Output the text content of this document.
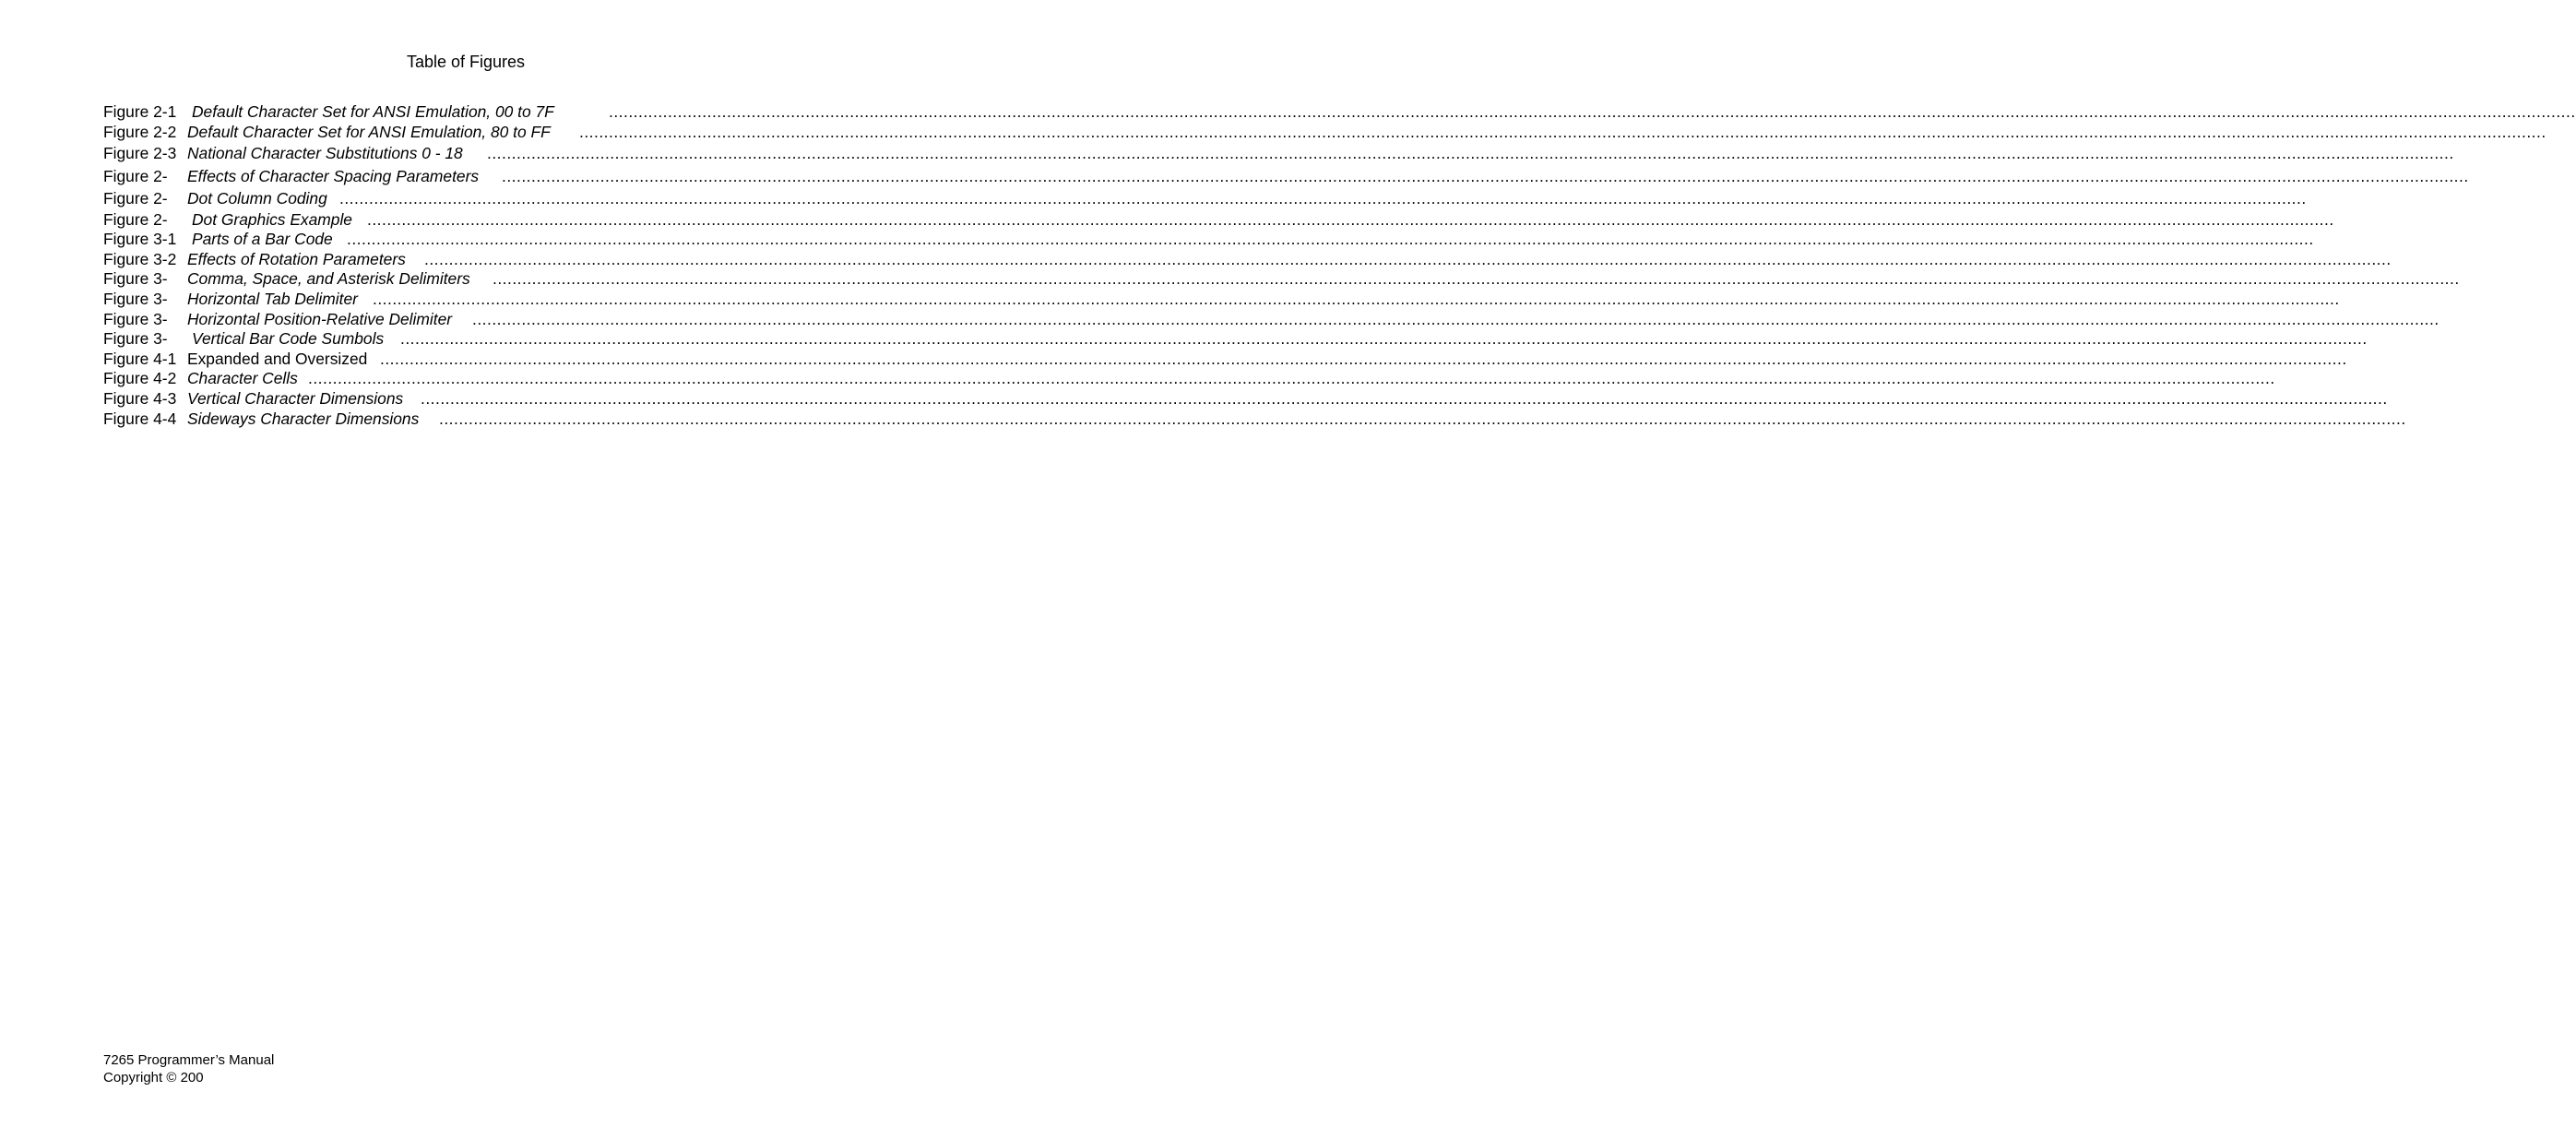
Table of Figures
................................................................................................................................................................................................................................................................................................................................................................................................................
Figure 2-1 Default Character Set for ANSI Emulation, 00 to 7F
................................................................................................................................................................................................................................................................................................................................................................................................................
Figure 2-2 Default Character Set for ANSI Emulation, 80 to FF
................................................................................................................................................................................................................................................................................................................................................................................................................
Figure 2-3 National Character Substitutions 0 - 18
................................................................................................................................................................................................................................................................................................................................................................................................................
Figure 2- Effects of Character Spacing Parameters
................................................................................................................................................................................................................................................................................................................................................................................................................
Figure 2- Dot Column Coding
................................................................................................................................................................................................................................................................................................................................................................................................................
Figure 2- Dot Graphics Example
................................................................................................................................................................................................................................................................................................................................................................................................................
Figure 3-1 Parts of a Bar Code
................................................................................................................................................................................................................................................................................................................................................................................................................
Figure 3-2 Effects of Rotation Parameters
................................................................................................................................................................................................................................................................................................................................................................................................................
Figure 3- Comma, Space, and Asterisk Delimiters
................................................................................................................................................................................................................................................................................................................................................................................................................
Figure 3- Horizontal Tab Delimiter
................................................................................................................................................................................................................................................................................................................................................................................................................
Figure 3- Horizontal Position-Relative Delimiter
................................................................................................................................................................................................................................................................................................................................................................................................................
Figure 3- Vertical Bar Code Sumbols
................................................................................................................................................................................................................................................................................................................................................................................................................
Figure 4-1 Expanded and Oversized
................................................................................................................................................................................................................................................................................................................................................................................................................
Figure 4-2 Character Cells
................................................................................................................................................................................................................................................................................................................................................................................................................
Figure 4-3 Vertical Character Dimensions
................................................................................................................................................................................................................................................................................................................................................................................................................
Figure 4-4 Sideways Character Dimensions
7265 Programmer’s Manual
Copyright © 200
